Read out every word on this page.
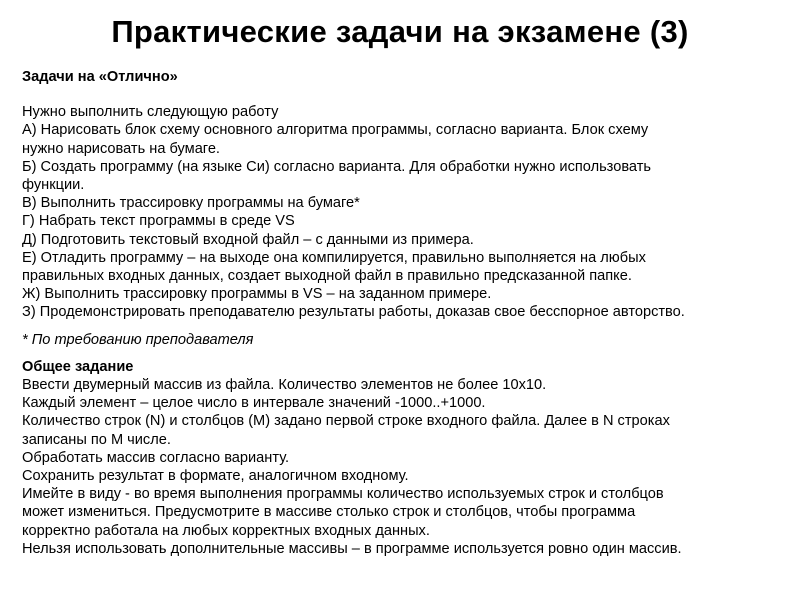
Практические задачи на экзамене (3)
Задачи на «Отлично»
Нужно выполнить следующую работу
А) Нарисовать блок схему основного алгоритма программы, согласно варианта. Блок схему
нужно нарисовать на бумаге.
Б) Создать программу (на языке Си) согласно варианта. Для обработки нужно использовать
функции.
В) Выполнить трассировку программы на бумаге*
Г) Набрать текст программы в среде VS
Д) Подготовить текстовый входной файл – с данными из примера.
Е) Отладить программу – на выходе она компилируется, правильно выполняется на любых
правильных входных данных, создает выходной файл в правильно предсказанной папке.
Ж) Выполнить трассировку программы в VS – на заданном примере.
З) Продемонстрировать преподавателю результаты работы, доказав свое бесспорное авторство.
* По требованию преподавателя
Общее задание
Ввести двумерный массив из файла. Количество элементов не более 10x10.
Каждый элемент – целое число в интервале значений -1000..+1000.
Количество строк (N) и столбцов (M) задано первой строке входного файла. Далее в N строках
записаны по M числе.
Обработать массив согласно варианту.
Сохранить результат в формате, аналогичном входному.
Имейте в виду - во время выполнения программы количество используемых строк и столбцов
может измениться. Предусмотрите в массиве столько строк и столбцов, чтобы программа
корректно работала на любых корректных входных данных.
Нельзя использовать дополнительные массивы – в программе используется ровно один массив.
